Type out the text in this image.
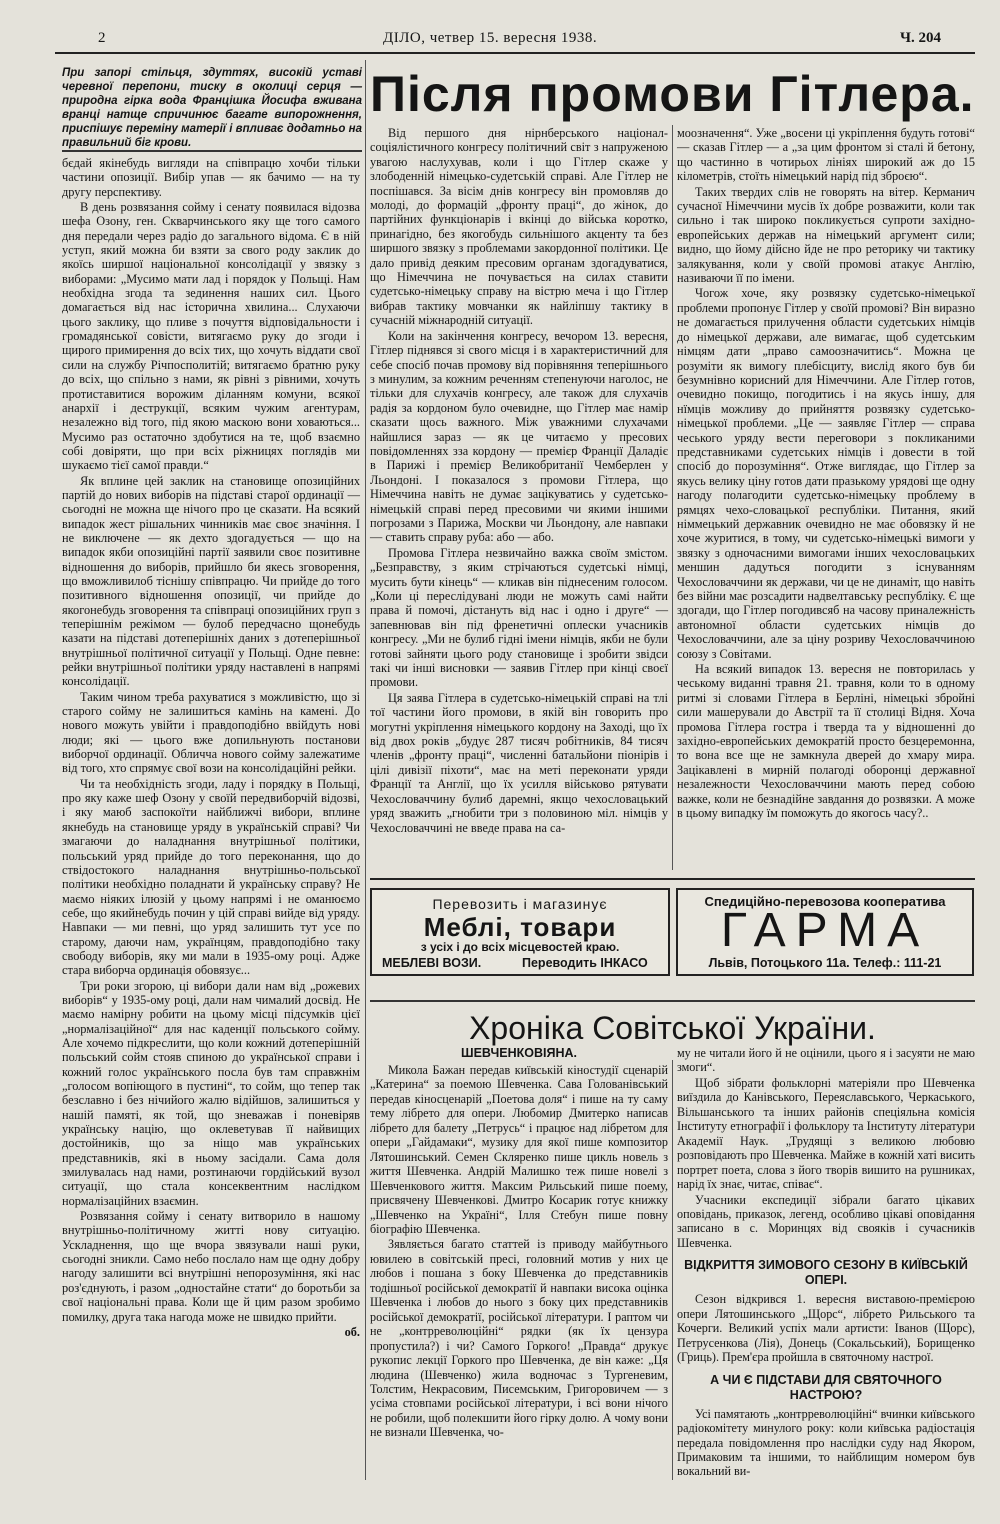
2	ДІЛО, четвер 15. вересня 1938.	Ч. 204
При запорі стільця, здуттях, високій уставі черевної перепони, тиску в околиці серця — природна гірка вода Францішка Йосифа вживана вранці натще спричинює багате випорожнення, приспішує переміну матерії і впливає додатньо на правильний біг крови.
Після промови Гітлера.

бєдай якінебудь вигляди на співпрацю хочби тільки частини опозиції. Вибір упав — як бачимо — на ту другу перспективу.

В день розвязання сойму і сенату появилася відозва шефа Озону, ген. Скварчинського яку ще того самого дня передали через радіо до загального відома. Є в ній уступ, який можна би взяти за свого роду заклик до якоїсь ширшої національної консолідації у звязку з виборами: „Мусимо мати лад і порядок у Польщі. Нам необхідна згода та зединення наших сил. Цього домагається від нас історична хвилина... Слухаючи цього заклику, що пливе з почуття відповідальности і громадянської совісти, витягаємо руку до згоди і щирого примирення до всіх тих, що хочуть віддати свої сили на службу Річпосполитій; витягаємо братню руку до всіх, що спільно з нами, як рівні з рівними, хочуть протиставитися ворожим діланням комуни, всякої анархії і деструкції, всяким чужим агентурам, незалежно від того, під якою маскою вони ховаються... Мусимо раз остаточно здобутися на те, щоб взаємно собі довіряти, що при всіх ріжницях поглядів ми шукаємо тієї самої правди.“

Як вплине цей заклик на становище опозиційних партій до нових виборів на підставі старої ординації — сьогодні не можна ще нічого про це сказати. На всякий випадок жест рішальних чинників має своє значіння. І не виключене — як дехто здогадується — що на випадок якби опозиційні партії заявили своє позитивне відношення до виборів, прийшло би якесь зговорення, що вможливилоб тіснішу співпрацю. Чи прийде до того позитивного відношення опозиції, чи прийде до якогонебудь зговорення та співпраці опозиційних груп з теперішнім режімом — булоб передчасно щонебудь казати на підставі дотеперішніх даних з дотеперішньої внутрішньої політичної ситуації у Польщі. Одне певне: рейки внутрішньої політики уряду наставлені в напрямі консолідації.

Таким чином треба рахуватися з можливістю, що зі старого сойму не залишиться камінь на камені. До нового можуть увійти і правдоподібно ввійдуть нові люди; які — цього вже допильнують постанови виборчої ординації. Обличча нового сойму залежатиме від того, хто спрямує свої вози на консолідаційні рейки.

Чи та необхідність згоди, ладу і порядку в Польщі, про яку каже шеф Озону у своїй передвиборчій відозві, і яку маюб заспокоїти найближчі вибори, вплине якнебудь на становище уряду в українській справі? Чи змагаючи до наладнання внутрішньої політики, польський уряд прийде до того переконання, що до ствідостокого наладнання внутрішньо-польської політики необхідно поладнати й українську справу? Не маємо ніяких ілюзій у цьому напрямі і не оманюємо себе, що якийнебудь почин у цій справі вийде від уряду. Навпаки — ми певні, що уряд залишить тут усе по старому, даючи нам, українцям, правдоподібно таку свободу виборів, яку ми мали в 1935-ому році. Адже стара виборча ординація обовязує...

Три роки згорою, ці вибори дали нам від „рожевих виборів“ у 1935-ому році, дали нам чималий досвід. Не маємо намірну робити на цьому місці підсумків цієї „нормалізаційної“ для нас каденції польського сойму. Але хочемо підкреслити, що коли кожний дотеперішній польський сойм стояв спиною до української справи і кожний голос українського посла був там справжнім „голосом вопіющого в пустині“, то сойм, що тепер так безславно і без нічийого жалю відійшов, залишиться у нашій памяті, як той, що зневажав і поневіряв українську націю, що оклеветував її найвищих достойників, що за ніщо мав українських представників, які в ньому засідали. Сама доля змилувалась над нами, розтинаючи гордійський вузол ситуації, що стала консеквентним наслідком нормалізаційних взаємин.

Розвязання сойму і сенату витворило в нашому внутрішньо-політичному житті нову ситуацію. Ускладнення, що ще вчора звязували наші руки, сьогодні зникли. Само небо послало нам ще одну добру нагоду залишити всі внутрішні непорозуміння, які нас роз'єднують, і разом „одностайне стати“ до боротьби за свої національні права. Коли ще й цим разом зробимо помилку, друга така нагода може не швидко прийти.

об.

Від першого дня нірнберського націонал-соціялістичного конгресу політичний світ з напруженою увагою наслухував, коли і що Гітлер скаже у злободенній німецько-судетській справі. Але Гітлер не поспішався. За вісім днів конгресу він промовляв до молоді, до формацій „фронту праці“, до жінок, до партійних функціонарів і вкінці до війська коротко, принагідно, без якогобудь сильнішого акценту та без ширшого звязку з проблемами закордонної політики. Це дало привід деяким пресовим органам здогадуватися, що Німеччина не почувається на силах ставити судетсько-німецьку справу на вістрю меча і що Гітлер вибрав тактику мовчанки як найліпшу тактику в сучасній міжнародній ситуації.

Коли на закінчення конгресу, вечором 13. вересня, Гітлер піднявся зі свого місця і в характеристичний для себе спосіб почав промову від порівняння теперішнього з минулим, за кожним реченням степенуючи наголос, не тільки для слухачів конгресу, але також для слухачів радія за кордоном було очевидне, що Гітлер має намір сказати щось важного. Між уважними слухачами найшлися зараз — як це читаємо у пресових повідомленнях зза кордону — премієр Франції Даладіє в Парижі і премієр Великобританії Чемберлен у Льондоні. І показалося з промови Гітлера, що Німеччина навіть не думає зацікуватись у судетсько-німецькій справі перед пресовими чи якими іншими погрозами з Парижа, Москви чи Льондону, але навпаки — ставить справу руба: або — або.

Промова Гітлера незвичайно важка своїм змістом. „Безправству, з яким стрічаються судетські німці, мусить бути кінець“ — кликав він піднесеним голосом. „Коли ці переслідувані люди не можуть самі найти права й помочі, дістануть від нас і одно і друге“ — запевнював він під френетичні оплески учасників конгресу. „Ми не булиб гідні імени німців, якби не були готові зайняти цього роду становище і зробити звідси такі чи інші висновки — заявив Гітлер при кінці своєї промови.

Ця заява Гітлера в судетсько-німецькій справі на тлі тої частини його промови, в якій він говорить про могутні укріплення німецького кордону на Заході, що їх від двох років „будує 287 тисяч робітників, 84 тисяч членів „фронту праці“, численні батальйони піонірів і цілі дивізії піхоти“, має на меті переконати уряди Франції та Англії, що їх усилля військово рятувати Чехословаччину булиб даремні, якщо чехословацький уряд зважить „гнобити три з половиною міл. німців у Чехословаччині не введе права на са-

моозначення“. Уже „восени ці укріплення будуть готові“ — сказав Гітлер — а „за цим фронтом зі сталі й бетону, що частинно в чотирьох лініях широкий аж до 15 кілометрів, стоїть німецький нарід під зброєю“.

Таких твердих слів не говорять на вітер. Керманич сучасної Німеччини мусів їх добре розважити, коли так сильно і так широко покликується супроти західно-европейських держав на німецький аргумент сили; видно, що йому дійсно йде не про реторику чи тактику залякування, коли у своїй промові атакує Англію, називаючи її по імени.

Чогож хоче, яку розвязку судетсько-німецької проблеми пропонує Гітлер у своїй промові? Він виразно не домагається прилучення области судетських німців до німецької держави, але вимагає, щоб судетським німцям дати „право самоозначитись“. Можна це розуміти як вимогу плебісциту, вислід якого був би безумнівно корисний для Німеччини. Але Гітлер готов, очевидно покищо, погодитись і на якусь іншу, для нїмців можливу до прийняття розвязку судетсько-німецької проблеми. „Це — заявляє Гітлер — справа чеського уряду вести переговори з покликаними представниками судетських німців і довести в той спосіб до порозуміння“. Отже виглядає, що Гітлер за якусь велику ціну готов дати празькому урядові ще одну нагоду полагодити судетсько-німецьку проблему в рямцях чехо-словацької республіки. Питання, який німмецький державник очевидно не має обовязку й не хоче журитися, в тому, чи судетсько-німецькі вимоги у звязку з одночасними вимогами інших чехословацьких меншин дадуться погодити з існуванням Чехословаччини як держави, чи це не динаміт, що навіть без війни має розсадити надвелтавську республіку. Є ще здогади, що Гітлер погодивсяб на часову приналежність автономної области судетських німців до Чехословаччини, але за ціну розриву Чехословаччиною союзу з Совітами.

На всякий випадок 13. вересня не повторилась у чеському виданні травня 21. травня, коли то в одному ритмі зі словами Гітлера в Берліні, німецькі збройні сили машерували до Австрії та її столиці Відня. Хоча промова Гітлера гостра і тверда та у відношенні до західно-европейських демократій просто безцеремонна, то вона все ще не замкнула дверей до хмару мира. Зацікавлені в мирній полагоді оборонці державної незалежности Чехословаччини мають перед собою важке, коли не безнадійне завдання до розвязки. А може в цьому випадку їм поможуть до якогось часу?..

Перевозить і магазинує
Меблі, товари
з усіх і до всіх місцевостей краю.
МЕБЛЕВІ ВОЗИ.	Переводить ІНКАСО
Спедиційно-перевозова кооператива
ГАРМА
Львів, Потоцького 11а. Телеф.: 111-21
Хроніка Совітської України.
ШЕВЧЕНКОВІЯНА.

Микола Бажан передав київській кіностудії сценарій „Катерина“ за поемою Шевченка. Сава Голованівський передав кіносценарій „Поетова доля“ і пише на ту саму тему лібрето для опери. Любомир Дмитерко написав лібрето для балету „Петрусь“ і працює над лібретом для опери „Гайдамаки“, музику для якої пише композитор Лятошинський. Семен Скляренко пише цикль новель з життя Шевченка. Андрій Малишко теж пише новелі з Шевченкового життя. Максим Рильський пише поему, присвячену Шевченкові. Дмитро Косарик готує книжку „Шевченко на Україні“, Ілля Стебун пише повну біографію Шевченка.

Зявляється багато статтей із приводу майбутнього ювилею в совітській пресі, головний мотив у них це любов і пошана з боку Шевченка до представників тодішньої російської демократії й навпаки висока оцінка Шевченка і любов до нього з боку цих представників російської демократії, російської літератури. І раптом чи не „контрреволюційні“ рядки (як їх цензура пропустила?) і чи? Самого Горкого! „Правда“ друкує рукопис лекції Горкого про Шевченка, де він каже: „Ця людина (Шевченко) жила водночас з Тургеневим, Толстим, Некрасовим, Писемським, Григоровичем — з усіма стовпами російської літератури, і всі вони нічого не робили, щоб полекшити його гірку долю. А чому вони не визнали Шевченка, чо-

му не читали його й не оцінили, цього я і засуяти не маю змоги“.

Щоб зібрати фольклорні матеріяли про Шевченка виїздила до Канівського, Переяславського, Черкаського, Вільшанського та інших районів спеціяльна комісія Інституту етнографії і фольклору та Інституту літератури Академії Наук. „Трудящі з великою любовю розповідають про Шевченка. Майже в кожній хаті висить портрет поета, слова з його творів вишито на рушниках, нарід їх знає, читає, співає“.

Учасники експедиції зібрали багато цікавих оповідань, приказок, легенд, особливо цікаві оповідання записано в с. Моринцях від свояків і сучасників Шевченка.

ВІДКРИТТЯ ЗИМОВОГО СЕЗОНУ В КИЇВСЬКІЙ ОПЕРІ.

Сезон відкрився 1. вересня виставою-премієрою опери Лятошинського „Щорс“, лібрето Рильського та Кочерги. Великий успіх мали артисти: Іванов (Щорс), Петрусенкова (Лія), Донець (Сокальський), Борищенко (Гриць). Прем'єра пройшла в святочному настрої.

А ЧИ Є ПІДСТАВИ ДЛЯ СВЯТОЧНОГО НАСТРОЮ?

Усі памятають „контрреволюційні“ вчинки київського радіокомітету минулого року: коли київська радіостація передала повідомлення про наслідки суду над Якором, Примаковим та іншими, то найблищим номером був вокальний ви-
